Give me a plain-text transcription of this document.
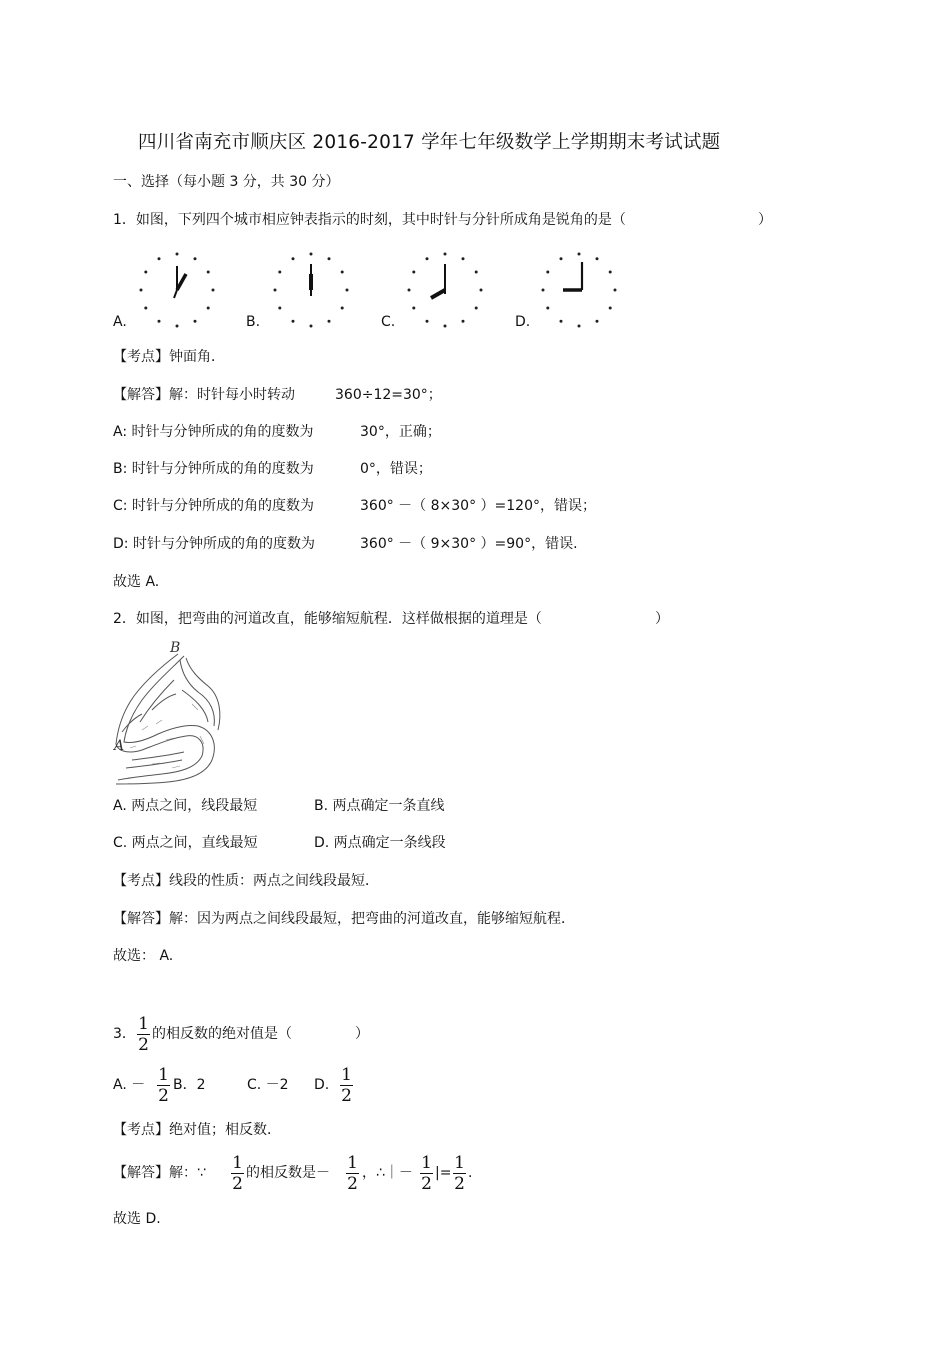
四川省南充市顺庆区 2016-2017 学年七年级数学上学期期末考试试题
一、选择（每小题 3 分，共 30 分）
1．如图，下列四个城市相应钟表指示的时刻，其中时针与分针所成角是锐角的是（	）
A.	B.	C.	D.
【考点】钟面角．
【解答】解：时针每小时转动	360÷12=30°；
A: 时针与分钟所成的角的度数为	30°，正确；
B: 时针与分钟所成的角的度数为	0°，错误；
C: 时针与分钟所成的角的度数为	360° －（ 8×30° ）=120°，错误；
D: 时针与分钟所成的角的度数为	360° －（ 9×30° ）=90°，错误.
故选 A.
2．如图，把弯曲的河道改直，能够缩短航程．这样做根据的道理是（	）
B
A
A. 两点之间，线段最短	B. 两点确定一条直线
C. 两点之间，直线最短	D. 两点确定一条线段
【考点】线段的性质：两点之间线段最短．
【解答】解：因为两点之间线段最短，把弯曲的河道改直，能够缩短航程．
故选： A.
3． 1
2
的相反数的绝对值是（	）
A. － 1
2
B．2	C. －2 D. 1
2
【考点】绝对值；相反数．
【解答】解：∵ 1
2
的相反数是－ 1
2
，∴｜－ 1
2
|= 1
2
.
故选 D.
